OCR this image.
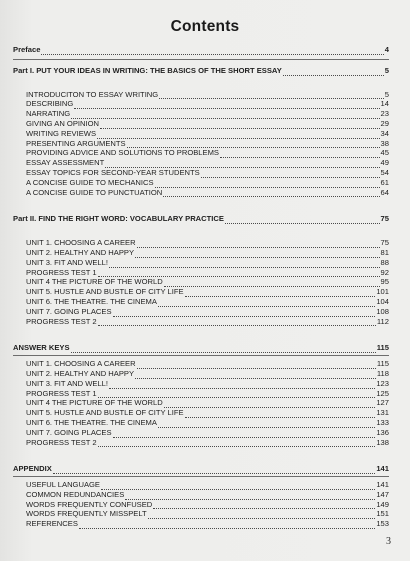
Contents
Preface	4
Part I. PUT YOUR IDEAS IN WRITING: THE BASICS OF THE SHORT ESSAY	5
INTRODUCITON TO ESSAY WRITING	5
DESCRIBING	14
NARRATING	23
GIVING AN OPINION	29
WRITING REVIEWS	34
PRESENTING ARGUMENTS	38
PROVIDING ADVICE AND SOLUTIONS TO PROBLEMS	45
ESSAY ASSESSMENT	49
ESSAY TOPICS FOR SECOND-YEAR STUDENTS	54
A CONCISE GUIDE TO MECHANICS	61
A CONCISE GUIDE TO PUNCTUATION	64
Part II. FIND THE RIGHT WORD: VOCABULARY PRACTICE	75
UNIT 1. CHOOSING A CAREER	75
UNIT 2. HEALTHY AND HAPPY	81
UNIT 3. FIT AND WELL!	88
PROGRESS TEST 1	92
UNIT 4 THE PICTURE OF THE WORLD	95
UNIT 5. HUSTLE AND BUSTLE OF CITY LIFE	101
UNIT 6. THE THEATRE. THE CINEMA	104
UNIT 7. GOING PLACES	108
PROGRESS TEST 2	112
ANSWER KEYS	115
UNIT 1. CHOOSING A CAREER	115
UNIT 2. HEALTHY AND HAPPY	118
UNIT 3. FIT AND WELL!	123
PROGRESS TEST 1	125
UNIT 4 THE PICTURE OF THE WORLD	127
UNIT 5. HUSTLE AND BUSTLE OF CITY LIFE	131
UNIT 6. THE THEATRE. THE CINEMA	133
UNIT 7. GOING PLACES	136
PROGRESS TEST 2	138
APPENDIX	141
USEFUL LANGUAGE	141
COMMON REDUNDANCIES	147
WORDS FREQUENTLY CONFUSED	149
WORDS FREQUENTLY MISSPELT	151
REFERENCES	153
3
